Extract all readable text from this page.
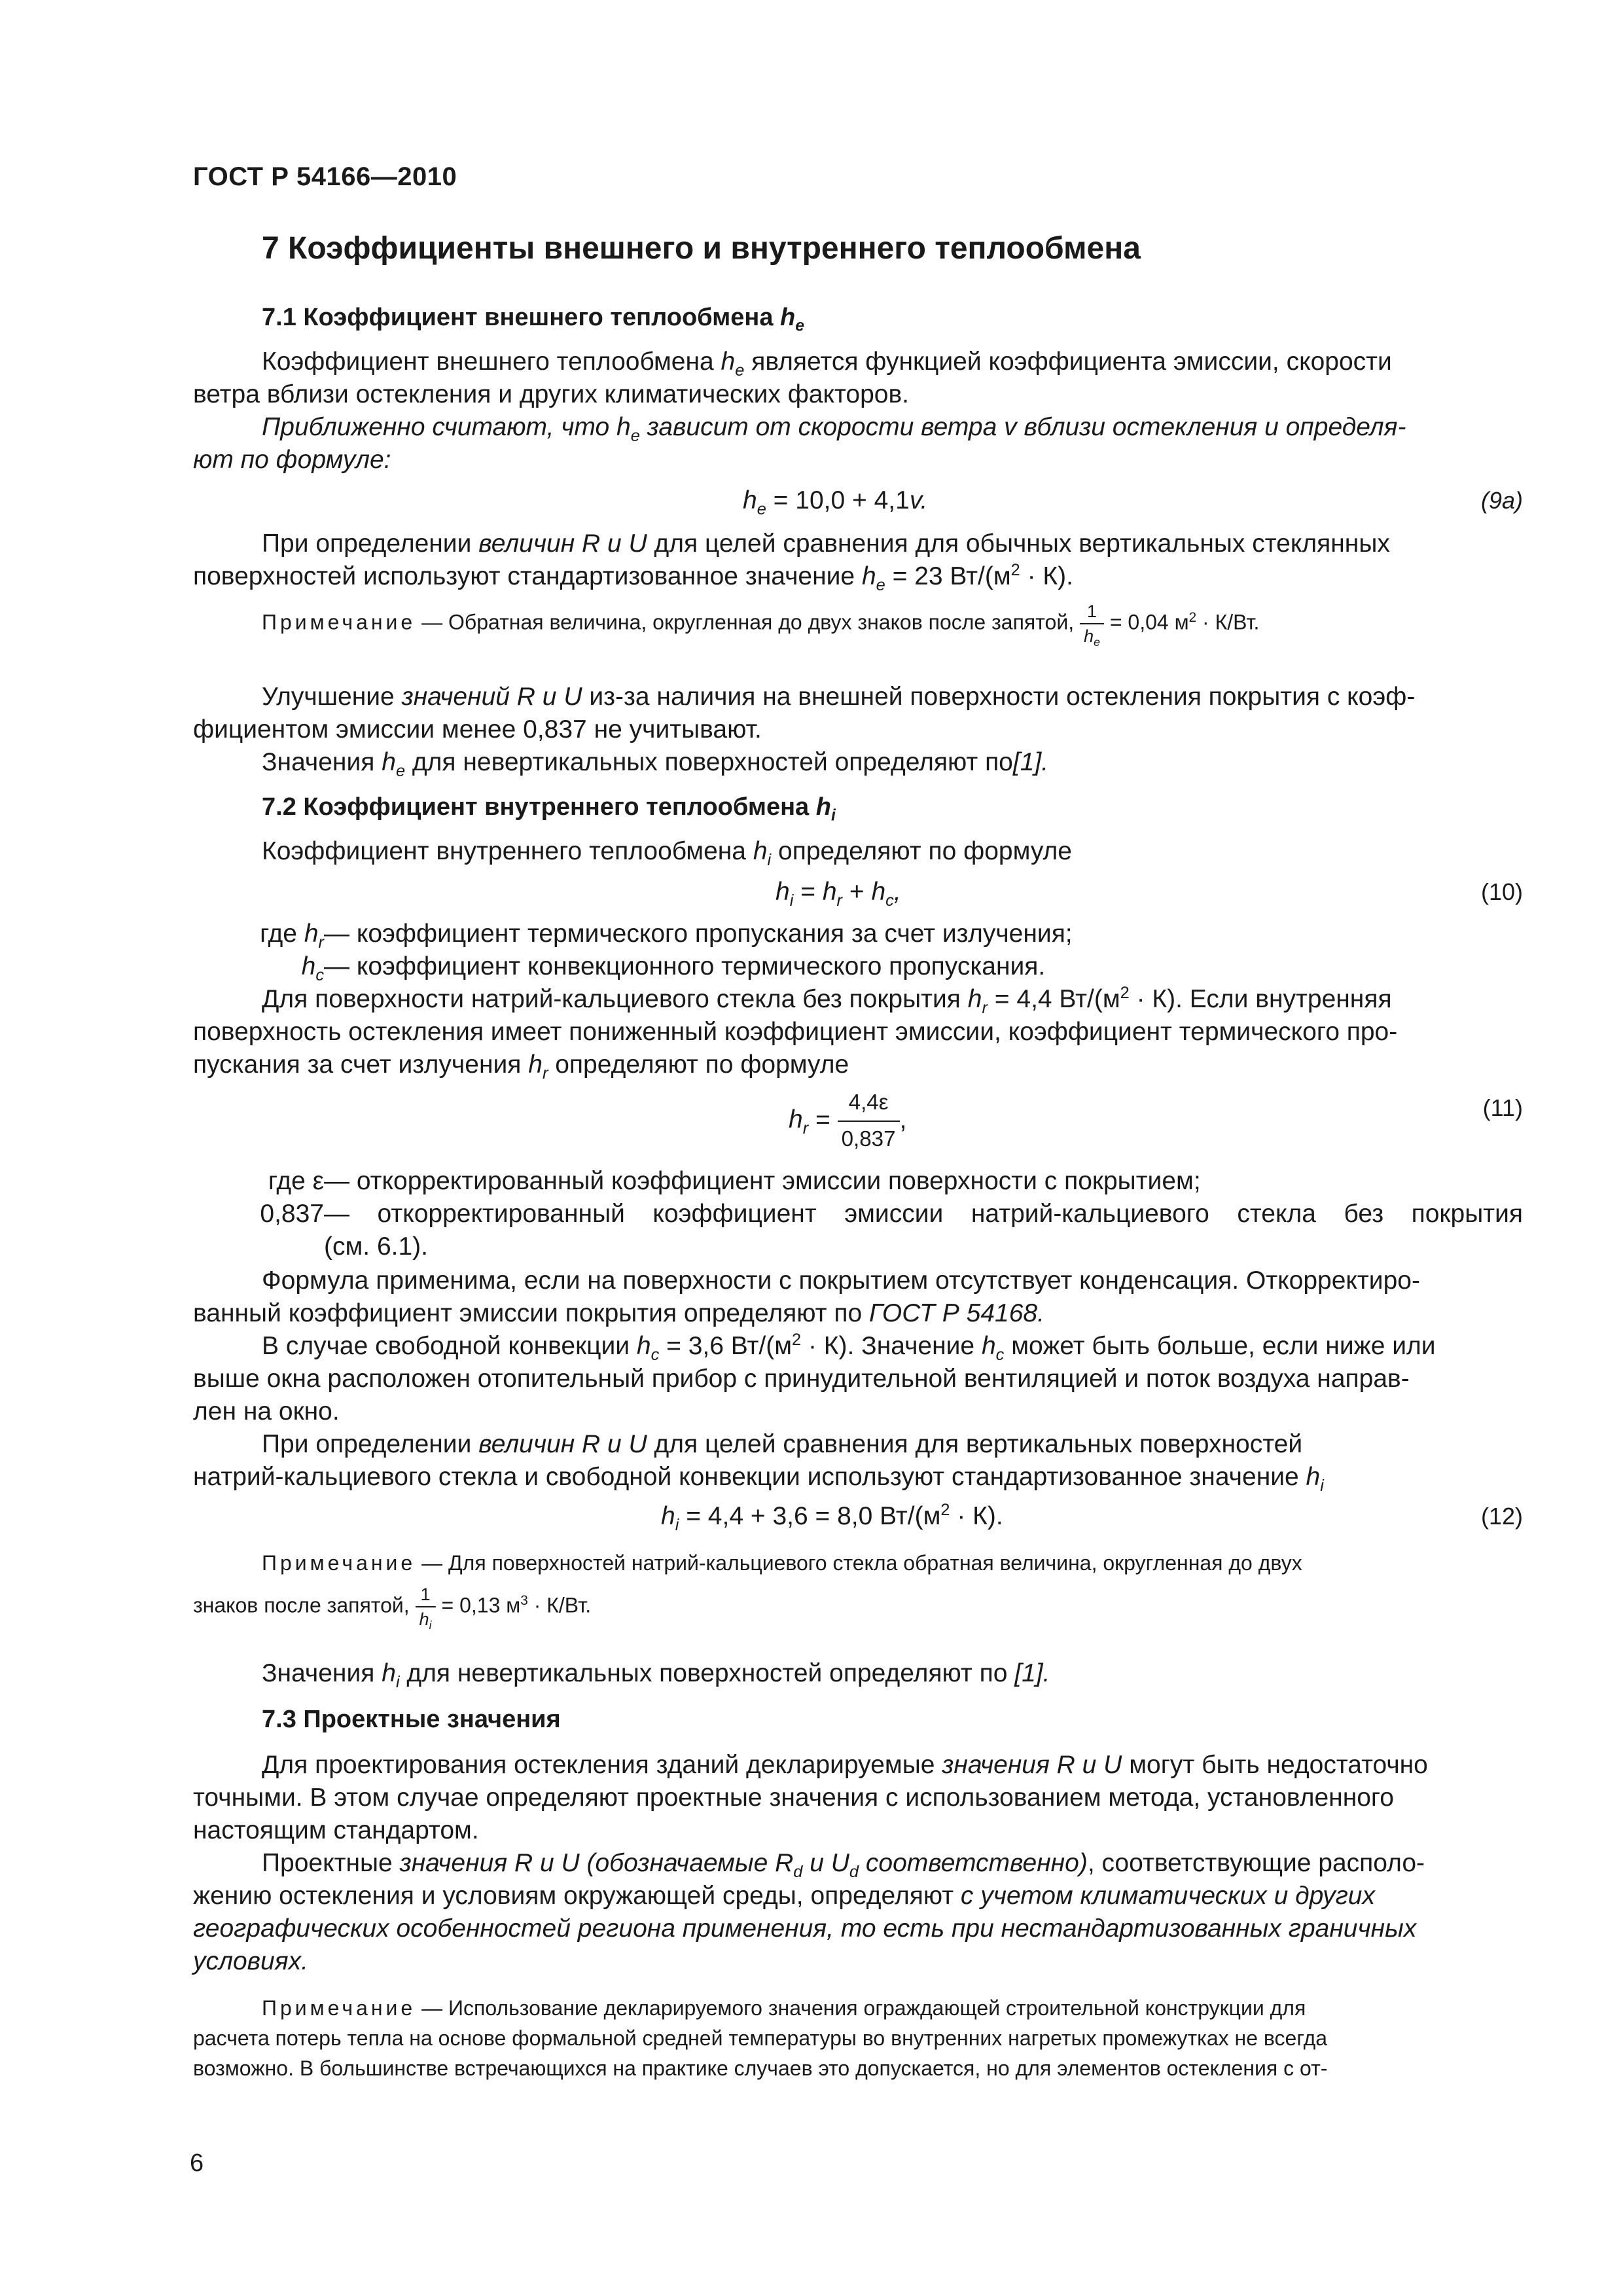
ГОСТ Р 54166—2010
7 Коэффициенты внешнего и внутреннего теплообмена
7.1 Коэффициент внешнего теплообмена $h_e$
Коэффициент внешнего теплообмена $h_e$ является функцией коэффициента эмиссии, скорости
ветра вблизи остекления и других климатических факторов.
Приближенно считают, что $h_e$ зависит от скорости ветра v вблизи остекления и определя-
ют по формуле:
$h_e = 10,0 + 4,1v$.	(9a)
При определении величин R и U для целей сравнения для обычных вертикальных стеклянных
поверхностей используют стандартизованное значение $h_e = 23$ $Вт/(м^2 \cdot К)$.
Примечание — Обратная величина, округленная до двух знаков после запятой, $\frac{1}{h_e} = 0,04$ $м^2 \cdot К/Вт$.
Улучшение значений R и U из-за наличия на внешней поверхности остекления покрытия с коэф-
фициентом эмиссии менее 0,837 не учитывают.
Значения $h_e$ для невертикальных поверхностей определяют по[1].
7.2 Коэффициент внутреннего теплообмена $h_i$
Коэффициент внутреннего теплообмена $h_i$ определяют по формуле
$h_i = h_r + h_c$,	(10)
где $h_r$ — коэффициент термического пропускания за счет излучения;
$h_c$ — коэффициент конвекционного термического пропускания.
Для поверхности натрий-кальциевого стекла без покрытия $h_r = 4,4$ $Вт/(м^2 \cdot К)$. Если внутренняя
поверхность остекления имеет пониженный коэффициент эмиссии, коэффициент термического про-
пускания за счет излучения $h_r$ определяют по формуле
$h_r = \frac{4,4\varepsilon}{0,837}$ ,	(11)
где ε — откорректированный коэффициент эмиссии поверхности с покрытием;
0,837 — откорректированный коэффициент эмиссии натрий-кальциевого стекла без покрытия
(см. 6.1).
Формула применима, если на поверхности с покрытием отсутствует конденсация. Откорректиро-
ванный коэффициент эмиссии покрытия определяют по ГОСТ Р 54168.
В случае свободной конвекции $h_c = 3,6$ $Вт/(м^2 \cdot К)$. Значение $h_c$ может быть больше, если ниже или
выше окна расположен отопительный прибор с принудительной вентиляцией и поток воздуха направ-
лен на окно.
При определении величин R и U для целей сравнения для вертикальных поверхностей
натрий-кальциевого стекла и свободной конвекции используют стандартизованное значение $h_i$
$h_i = 4,4 + 3,6 = 8,0$ $Вт/(м^2 \cdot К)$.	(12)
Примечание — Для поверхностей натрий-кальциевого стекла обратная величина, округленная до двух
знаков после запятой, $\frac{1}{h_i} = 0,13$ $м^3 \cdot К/Вт$.
Значения $h_i$ для невертикальных поверхностей определяют по [1].
7.3 Проектные значения
Для проектирования остекления зданий декларируемые значения R и U могут быть недостаточно
точными. В этом случае определяют проектные значения с использованием метода, установленного
настоящим стандартом.
Проектные значения R и U (обозначаемые $R_d$ и $U_d$ соответственно), соответствующие располо-
жению остекления и условиям окружающей среды, определяют с учетом климатических и других
географических особенностей региона применения, то есть при нестандартизованных граничных
условиях.
Примечание — Использование декларируемого значения ограждающей строительной конструкции для
расчета потерь тепла на основе формальной средней температуры во внутренних нагретых промежутках не всегда
возможно. В большинстве встречающихся на практике случаев это допускается, но для элементов остекления с от-
6
